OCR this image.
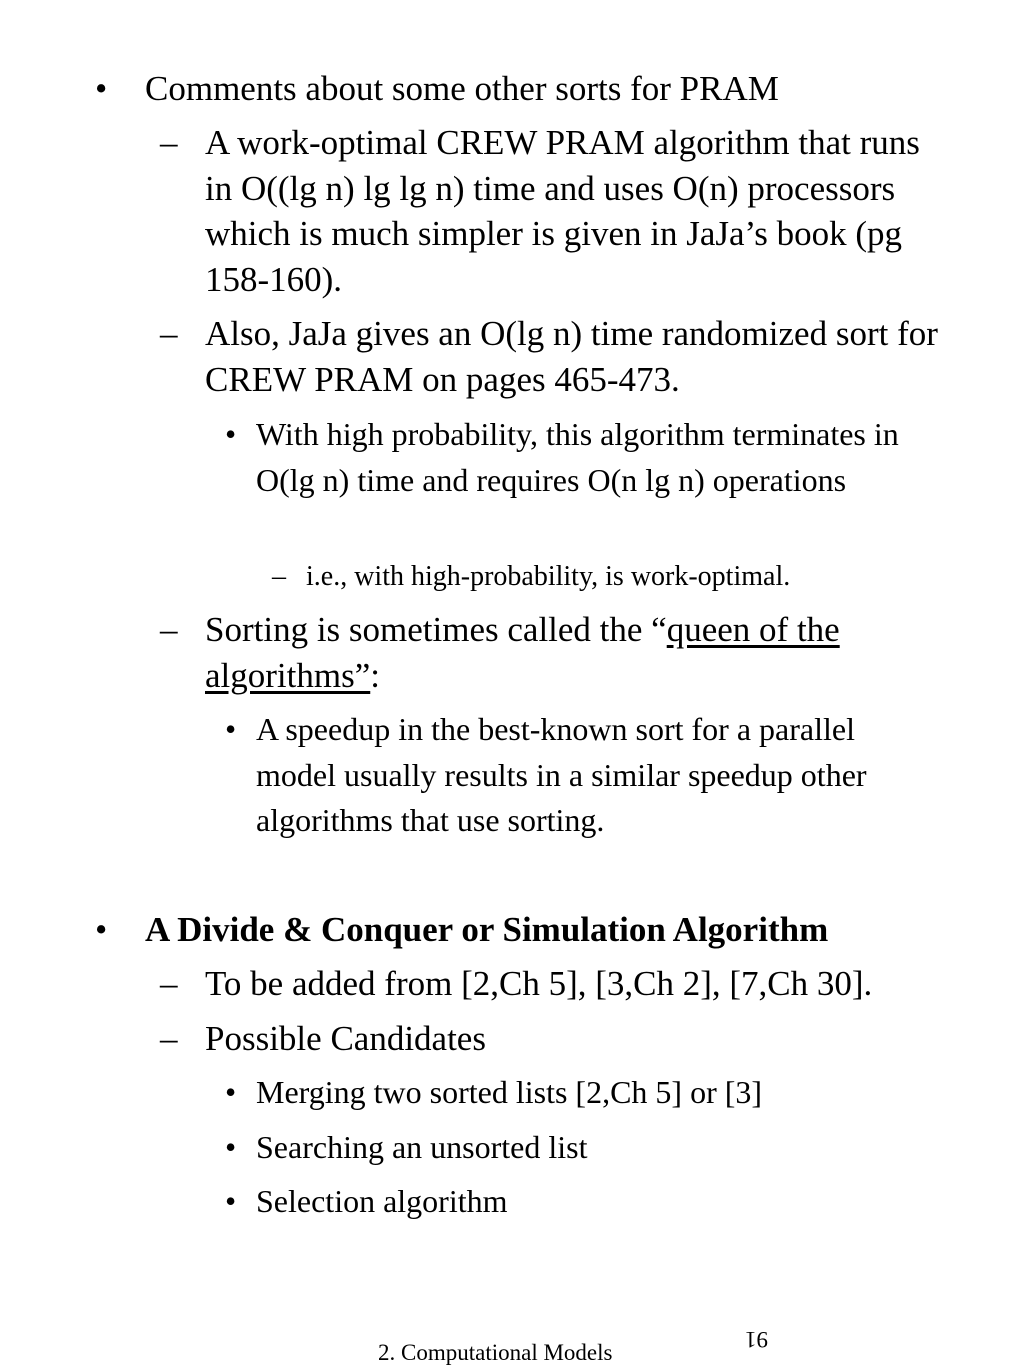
•	Comments about some other sorts for PRAM
– A work-optimal CREW PRAM algorithm that runs in O((lg n) lg lg n) time and uses O(n) processors which is much simpler is given in JaJa’s book (pg 158-160).
– Also, JaJa gives an O(lg n) time randomized sort for CREW PRAM on pages 465-473.
• With high probability, this algorithm terminates in O(lg n) time and requires O(n lg n) operations
– i.e., with high-probability, is work-optimal.
– Sorting is sometimes called the “queen of the algorithms”:
• A speedup in the best-known sort for a parallel model usually results in a similar speedup other algorithms that use sorting.
•	A Divide & Conquer or Simulation Algorithm
– To be added from [2,Ch 5], [3,Ch 2], [7,Ch 30].
– Possible Candidates
• Merging two sorted lists [2,Ch 5] or [3]
• Searching an unsorted list
• Selection algorithm
2. Computational Models
91
